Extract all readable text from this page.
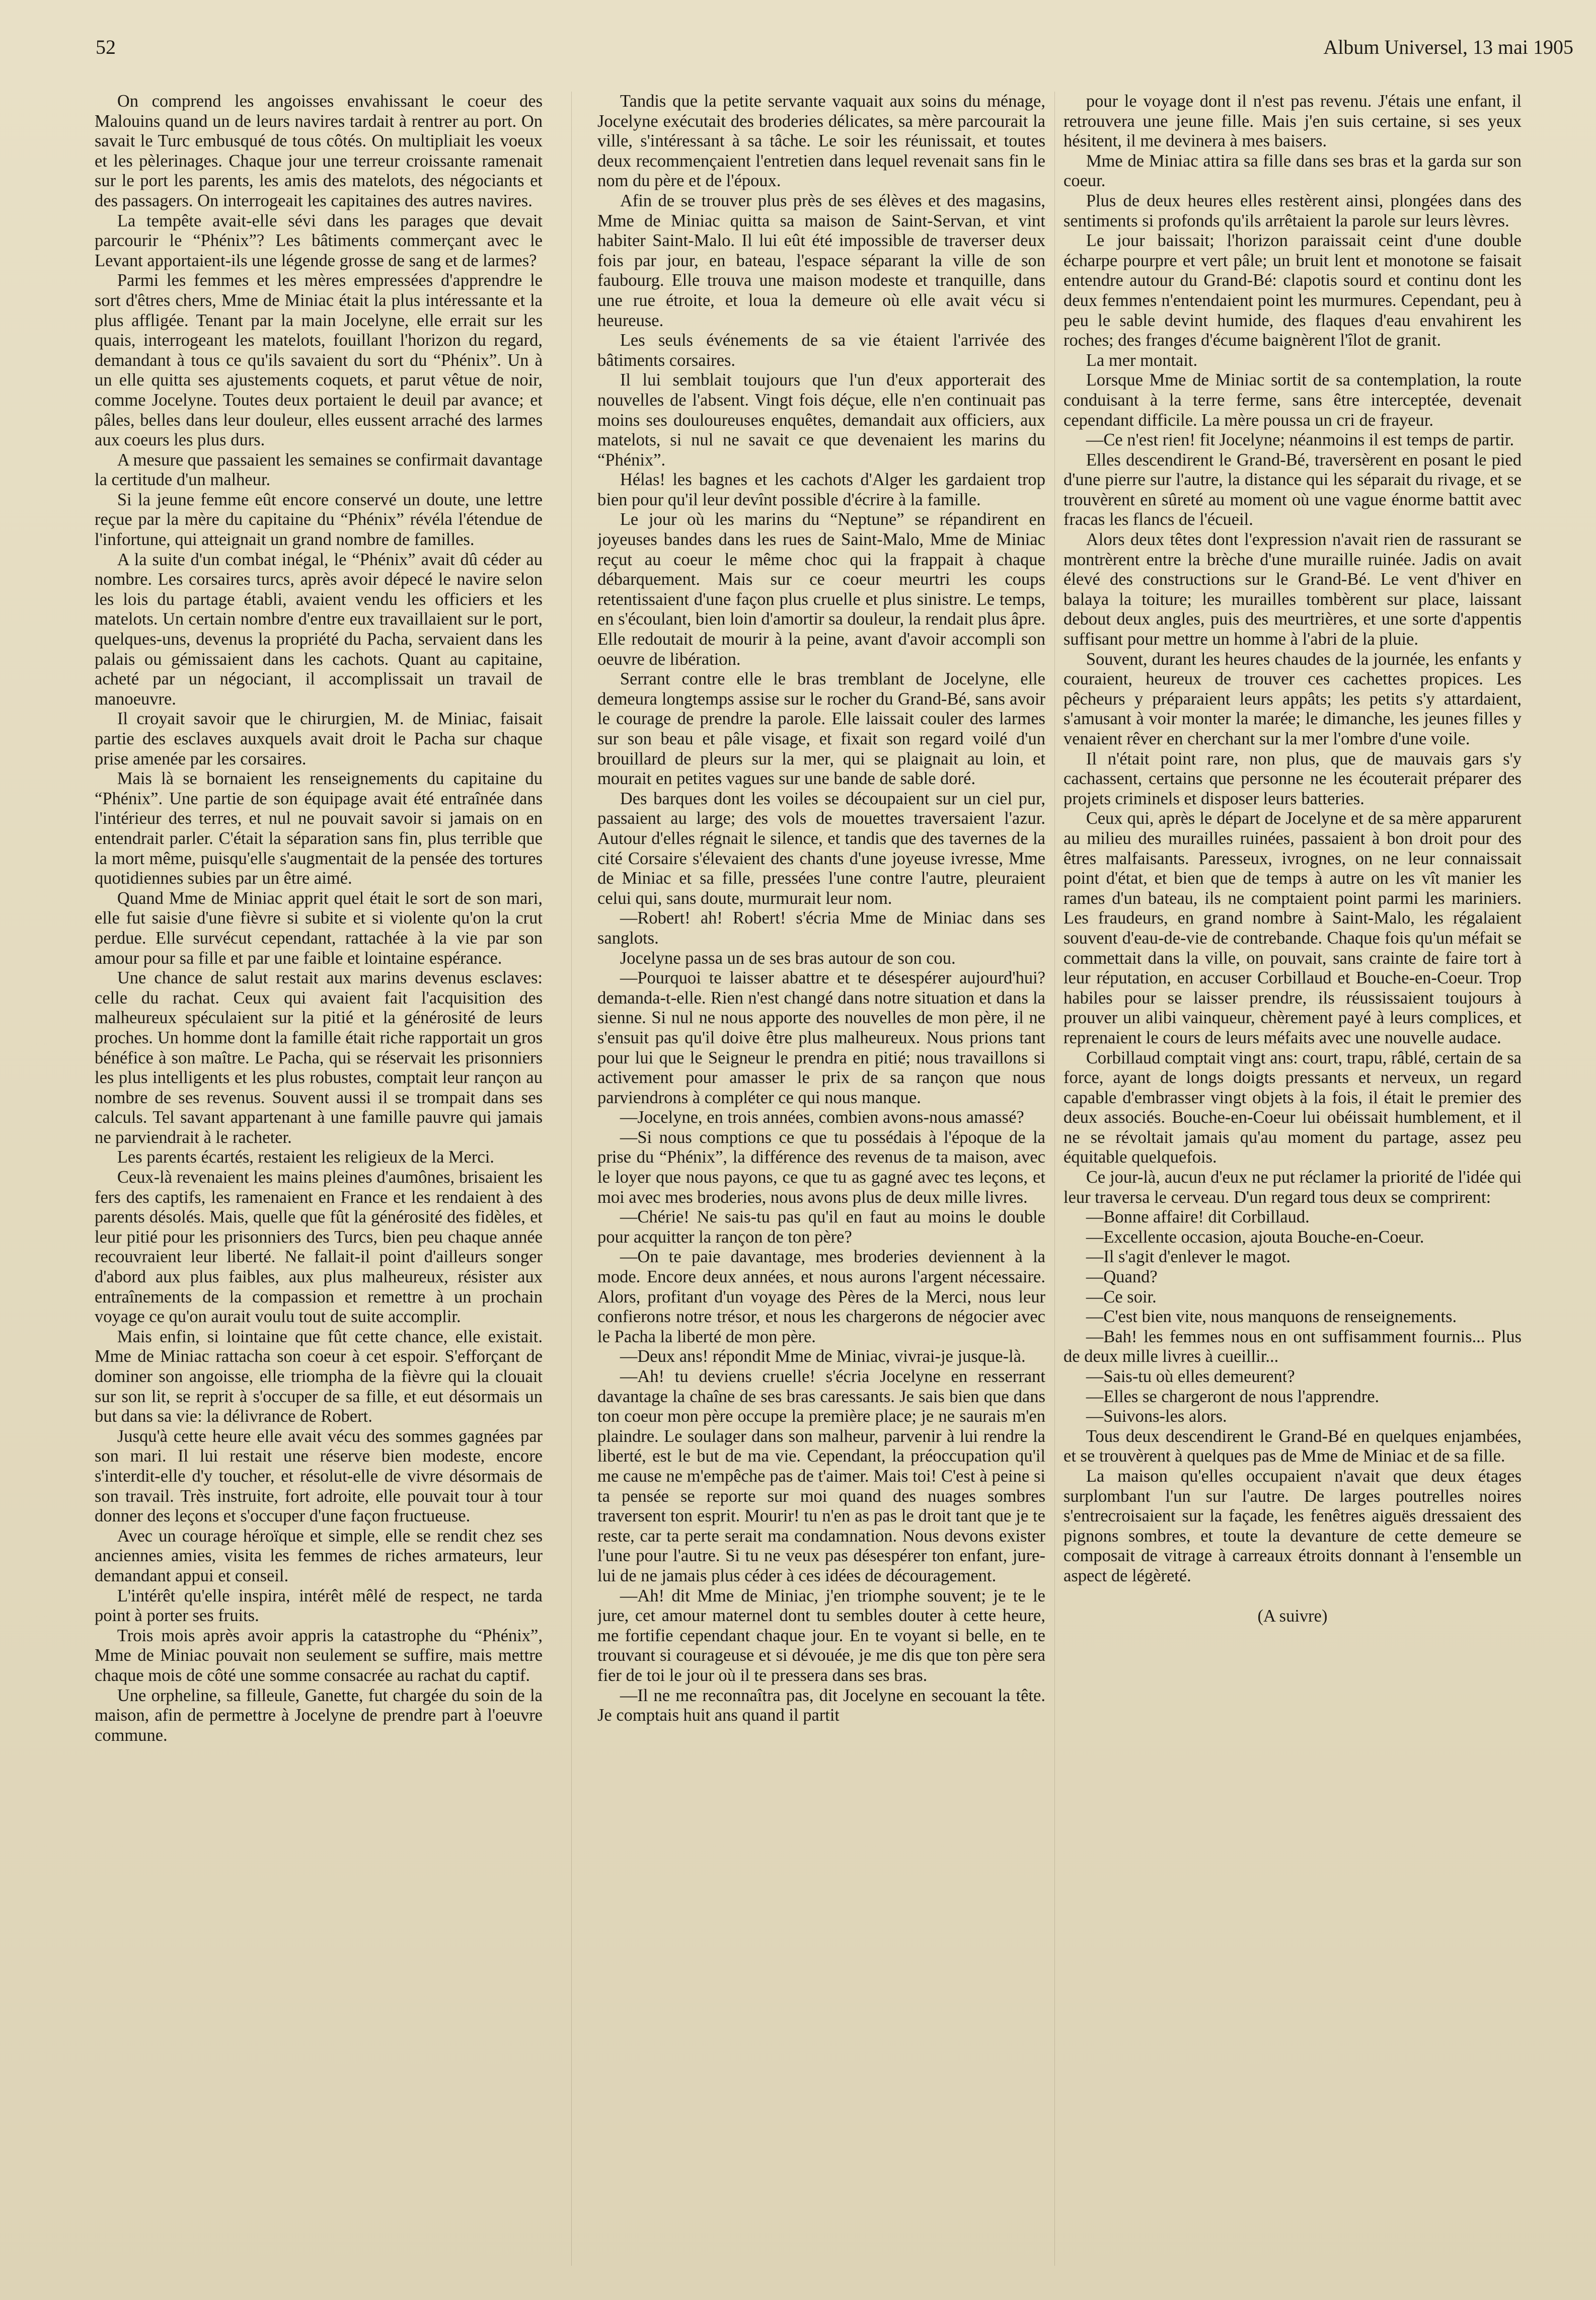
52	Album Universel, 13 mai 1905

On comprend les angoisses envahissant le coeur des Malouins quand un de leurs navires tardait à rentrer au port. On savait le Turc embusqué de tous côtés. On multipliait les voeux et les pèlerinages. Chaque jour une terreur croissante ramenait sur le port les parents, les amis des matelots, des négociants et des passagers. On interrogeait les capitaines des autres navires.

La tempête avait-elle sévi dans les parages que devait parcourir le “Phénix”? Les bâtiments commerçant avec le Levant apportaient-ils une légende grosse de sang et de larmes?

Parmi les femmes et les mères empressées d'apprendre le sort d'êtres chers, Mme de Miniac était la plus intéressante et la plus affligée. Tenant par la main Jocelyne, elle errait sur les quais, interrogeant les matelots, fouillant l'horizon du regard, demandant à tous ce qu'ils savaient du sort du “Phénix”. Un à un elle quitta ses ajustements coquets, et parut vêtue de noir, comme Jocelyne. Toutes deux portaient le deuil par avance; et pâles, belles dans leur douleur, elles eussent arraché des larmes aux coeurs les plus durs.

A mesure que passaient les semaines se confirmait davantage la certitude d'un malheur.

Si la jeune femme eût encore conservé un doute, une lettre reçue par la mère du capitaine du “Phénix” révéla l'étendue de l'infortune, qui atteignait un grand nombre de familles.

A la suite d'un combat inégal, le “Phénix” avait dû céder au nombre. Les corsaires turcs, après avoir dépecé le navire selon les lois du partage établi, avaient vendu les officiers et les matelots. Un certain nombre d'entre eux travaillaient sur le port, quelques-uns, devenus la propriété du Pacha, servaient dans les palais ou gémissaient dans les cachots. Quant au capitaine, acheté par un négociant, il accomplissait un travail de manoeuvre.

Il croyait savoir que le chirurgien, M. de Miniac, faisait partie des esclaves auxquels avait droit le Pacha sur chaque prise amenée par les corsaires.

Mais là se bornaient les renseignements du capitaine du “Phénix”. Une partie de son équipage avait été entraînée dans l'intérieur des terres, et nul ne pouvait savoir si jamais on en entendrait parler. C'était la séparation sans fin, plus terrible que la mort même, puisqu'elle s'augmentait de la pensée des tortures quotidiennes subies par un être aimé.

Quand Mme de Miniac apprit quel était le sort de son mari, elle fut saisie d'une fièvre si subite et si violente qu'on la crut perdue. Elle survécut cependant, rattachée à la vie par son amour pour sa fille et par une faible et lointaine espérance.

Une chance de salut restait aux marins devenus esclaves: celle du rachat. Ceux qui avaient fait l'acquisition des malheureux spéculaient sur la pitié et la générosité de leurs proches. Un homme dont la famille était riche rapportait un gros bénéfice à son maître. Le Pacha, qui se réservait les prisonniers les plus intelligents et les plus robustes, comptait leur rançon au nombre de ses revenus. Souvent aussi il se trompait dans ses calculs. Tel savant appartenant à une famille pauvre qui jamais ne parviendrait à le racheter.

Les parents écartés, restaient les religieux de la Merci.

Ceux-là revenaient les mains pleines d'aumônes, brisaient les fers des captifs, les ramenaient en France et les rendaient à des parents désolés. Mais, quelle que fût la générosité des fidèles, et leur pitié pour les prisonniers des Turcs, bien peu chaque année recouvraient leur liberté. Ne fallait-il point d'ailleurs songer d'abord aux plus faibles, aux plus malheureux, résister aux entraînements de la compassion et remettre à un prochain voyage ce qu'on aurait voulu tout de suite accomplir.

Mais enfin, si lointaine que fût cette chance, elle existait. Mme de Miniac rattacha son coeur à cet espoir. S'efforçant de dominer son angoisse, elle triompha de la fièvre qui la clouait sur son lit, se reprit à s'occuper de sa fille, et eut désormais un but dans sa vie: la délivrance de Robert.

Jusqu'à cette heure elle avait vécu des sommes gagnées par son mari. Il lui restait une réserve bien modeste, encore s'interdit-elle d'y toucher, et résolut-elle de vivre désormais de son travail. Très instruite, fort adroite, elle pouvait tour à tour donner des leçons et s'occuper d'une façon fructueuse.

Avec un courage héroïque et simple, elle se rendit chez ses anciennes amies, visita les femmes de riches armateurs, leur demandant appui et conseil.

L'intérêt qu'elle inspira, intérêt mêlé de respect, ne tarda point à porter ses fruits.

Trois mois après avoir appris la catastrophe du “Phénix”, Mme de Miniac pouvait non seulement se suffire, mais mettre chaque mois de côté une somme consacrée au rachat du captif.

Une orpheline, sa filleule, Ganette, fut chargée du soin de la maison, afin de permettre à Jocelyne de prendre part à l'oeuvre commune.

Tandis que la petite servante vaquait aux soins du ménage, Jocelyne exécutait des broderies délicates, sa mère parcourait la ville, s'intéressant à sa tâche. Le soir les réunissait, et toutes deux recommençaient l'entretien dans lequel revenait sans fin le nom du père et de l'époux.

Afin de se trouver plus près de ses élèves et des magasins, Mme de Miniac quitta sa maison de Saint-Servan, et vint habiter Saint-Malo. Il lui eût été impossible de traverser deux fois par jour, en bateau, l'espace séparant la ville de son faubourg. Elle trouva une maison modeste et tranquille, dans une rue étroite, et loua la demeure où elle avait vécu si heureuse.

Les seuls événements de sa vie étaient l'arrivée des bâtiments corsaires.

Il lui semblait toujours que l'un d'eux apporterait des nouvelles de l'absent. Vingt fois déçue, elle n'en continuait pas moins ses douloureuses enquêtes, demandait aux officiers, aux matelots, si nul ne savait ce que devenaient les marins du “Phénix”.

Hélas! les bagnes et les cachots d'Alger les gardaient trop bien pour qu'il leur devînt possible d'écrire à la famille.

Le jour où les marins du “Neptune” se répandirent en joyeuses bandes dans les rues de Saint-Malo, Mme de Miniac reçut au coeur le même choc qui la frappait à chaque débarquement. Mais sur ce coeur meurtri les coups retentissaient d'une façon plus cruelle et plus sinistre. Le temps, en s'écoulant, bien loin d'amortir sa douleur, la rendait plus âpre. Elle redoutait de mourir à la peine, avant d'avoir accompli son oeuvre de libération.

Serrant contre elle le bras tremblant de Jocelyne, elle demeura longtemps assise sur le rocher du Grand-Bé, sans avoir le courage de prendre la parole. Elle laissait couler des larmes sur son beau et pâle visage, et fixait son regard voilé d'un brouillard de pleurs sur la mer, qui se plaignait au loin, et mourait en petites vagues sur une bande de sable doré.

Des barques dont les voiles se découpaient sur un ciel pur, passaient au large; des vols de mouettes traversaient l'azur. Autour d'elles régnait le silence, et tandis que des tavernes de la cité Corsaire s'élevaient des chants d'une joyeuse ivresse, Mme de Miniac et sa fille, pressées l'une contre l'autre, pleuraient celui qui, sans doute, murmurait leur nom.

—Robert! ah! Robert! s'écria Mme de Miniac dans ses sanglots.

Jocelyne passa un de ses bras autour de son cou.

—Pourquoi te laisser abattre et te désespérer aujourd'hui? demanda-t-elle. Rien n'est changé dans notre situation et dans la sienne. Si nul ne nous apporte des nouvelles de mon père, il ne s'ensuit pas qu'il doive être plus malheureux. Nous prions tant pour lui que le Seigneur le prendra en pitié; nous travaillons si activement pour amasser le prix de sa rançon que nous parviendrons à compléter ce qui nous manque.

—Jocelyne, en trois années, combien avons-nous amassé?

—Si nous comptions ce que tu possédais à l'époque de la prise du “Phénix”, la différence des revenus de ta maison, avec le loyer que nous payons, ce que tu as gagné avec tes leçons, et moi avec mes broderies, nous avons plus de deux mille livres.

—Chérie! Ne sais-tu pas qu'il en faut au moins le double pour acquitter la rançon de ton père?

—On te paie davantage, mes broderies deviennent à la mode. Encore deux années, et nous aurons l'argent nécessaire. Alors, profitant d'un voyage des Pères de la Merci, nous leur confierons notre trésor, et nous les chargerons de négocier avec le Pacha la liberté de mon père.

—Deux ans! répondit Mme de Miniac, vivrai-je jusque-là.

—Ah! tu deviens cruelle! s'écria Jocelyne en resserrant davantage la chaîne de ses bras caressants. Je sais bien que dans ton coeur mon père occupe la première place; je ne saurais m'en plaindre. Le soulager dans son malheur, parvenir à lui rendre la liberté, est le but de ma vie. Cependant, la préoccupation qu'il me cause ne m'empêche pas de t'aimer. Mais toi! C'est à peine si ta pensée se reporte sur moi quand des nuages sombres traversent ton esprit. Mourir! tu n'en as pas le droit tant que je te reste, car ta perte serait ma condamnation. Nous devons exister l'une pour l'autre. Si tu ne veux pas désespérer ton enfant, jure-lui de ne jamais plus céder à ces idées de découragement.

—Ah! dit Mme de Miniac, j'en triomphe souvent; je te le jure, cet amour maternel dont tu sembles douter à cette heure, me fortifie cependant chaque jour. En te voyant si belle, en te trouvant si courageuse et si dévouée, je me dis que ton père sera fier de toi le jour où il te pressera dans ses bras.

—Il ne me reconnaîtra pas, dit Jocelyne en secouant la tête. Je comptais huit ans quand il partit

pour le voyage dont il n'est pas revenu. J'étais une enfant, il retrouvera une jeune fille. Mais j'en suis certaine, si ses yeux hésitent, il me devinera à mes baisers.

Mme de Miniac attira sa fille dans ses bras et la garda sur son coeur.

Plus de deux heures elles restèrent ainsi, plongées dans des sentiments si profonds qu'ils arrêtaient la parole sur leurs lèvres.

Le jour baissait; l'horizon paraissait ceint d'une double écharpe pourpre et vert pâle; un bruit lent et monotone se faisait entendre autour du Grand-Bé: clapotis sourd et continu dont les deux femmes n'entendaient point les murmures. Cependant, peu à peu le sable devint humide, des flaques d'eau envahirent les roches; des franges d'écume baignèrent l'îlot de granit.

La mer montait.

Lorsque Mme de Miniac sortit de sa contemplation, la route conduisant à la terre ferme, sans être interceptée, devenait cependant difficile. La mère poussa un cri de frayeur.

—Ce n'est rien! fit Jocelyne; néanmoins il est temps de partir.

Elles descendirent le Grand-Bé, traversèrent en posant le pied d'une pierre sur l'autre, la distance qui les séparait du rivage, et se trouvèrent en sûreté au moment où une vague énorme battit avec fracas les flancs de l'écueil.

Alors deux têtes dont l'expression n'avait rien de rassurant se montrèrent entre la brèche d'une muraille ruinée. Jadis on avait élevé des constructions sur le Grand-Bé. Le vent d'hiver en balaya la toiture; les murailles tombèrent sur place, laissant debout deux angles, puis des meurtrières, et une sorte d'appentis suffisant pour mettre un homme à l'abri de la pluie.

Souvent, durant les heures chaudes de la journée, les enfants y couraient, heureux de trouver ces cachettes propices. Les pêcheurs y préparaient leurs appâts; les petits s'y attardaient, s'amusant à voir monter la marée; le dimanche, les jeunes filles y venaient rêver en cherchant sur la mer l'ombre d'une voile.

Il n'était point rare, non plus, que de mauvais gars s'y cachassent, certains que personne ne les écouterait préparer des projets criminels et disposer leurs batteries.

Ceux qui, après le départ de Jocelyne et de sa mère apparurent au milieu des murailles ruinées, passaient à bon droit pour des êtres malfaisants. Paresseux, ivrognes, on ne leur connaissait point d'état, et bien que de temps à autre on les vît manier les rames d'un bateau, ils ne comptaient point parmi les mariniers. Les fraudeurs, en grand nombre à Saint-Malo, les régalaient souvent d'eau-de-vie de contrebande. Chaque fois qu'un méfait se commettait dans la ville, on pouvait, sans crainte de faire tort à leur réputation, en accuser Corbillaud et Bouche-en-Coeur. Trop habiles pour se laisser prendre, ils réussissaient toujours à prouver un alibi vainqueur, chèrement payé à leurs complices, et reprenaient le cours de leurs méfaits avec une nouvelle audace.

Corbillaud comptait vingt ans: court, trapu, râblé, certain de sa force, ayant de longs doigts pressants et nerveux, un regard capable d'embrasser vingt objets à la fois, il était le premier des deux associés. Bouche-en-Coeur lui obéissait humblement, et il ne se révoltait jamais qu'au moment du partage, assez peu équitable quelquefois.

Ce jour-là, aucun d'eux ne put réclamer la priorité de l'idée qui leur traversa le cerveau. D'un regard tous deux se comprirent:

—Bonne affaire! dit Corbillaud.

—Excellente occasion, ajouta Bouche-en-Coeur.

—Il s'agit d'enlever le magot.

—Quand?

—Ce soir.

—C'est bien vite, nous manquons de renseignements.

—Bah! les femmes nous en ont suffisamment fournis... Plus de deux mille livres à cueillir...

—Sais-tu où elles demeurent?

—Elles se chargeront de nous l'apprendre.

—Suivons-les alors.

Tous deux descendirent le Grand-Bé en quelques enjambées, et se trouvèrent à quelques pas de Mme de Miniac et de sa fille.

La maison qu'elles occupaient n'avait que deux étages surplombant l'un sur l'autre. De larges poutrelles noires s'entrecroisaient sur la façade, les fenêtres aiguës dressaient des pignons sombres, et toute la devanture de cette demeure se composait de vitrage à carreaux étroits donnant à l'ensemble un aspect de légèreté.

(A suivre)
